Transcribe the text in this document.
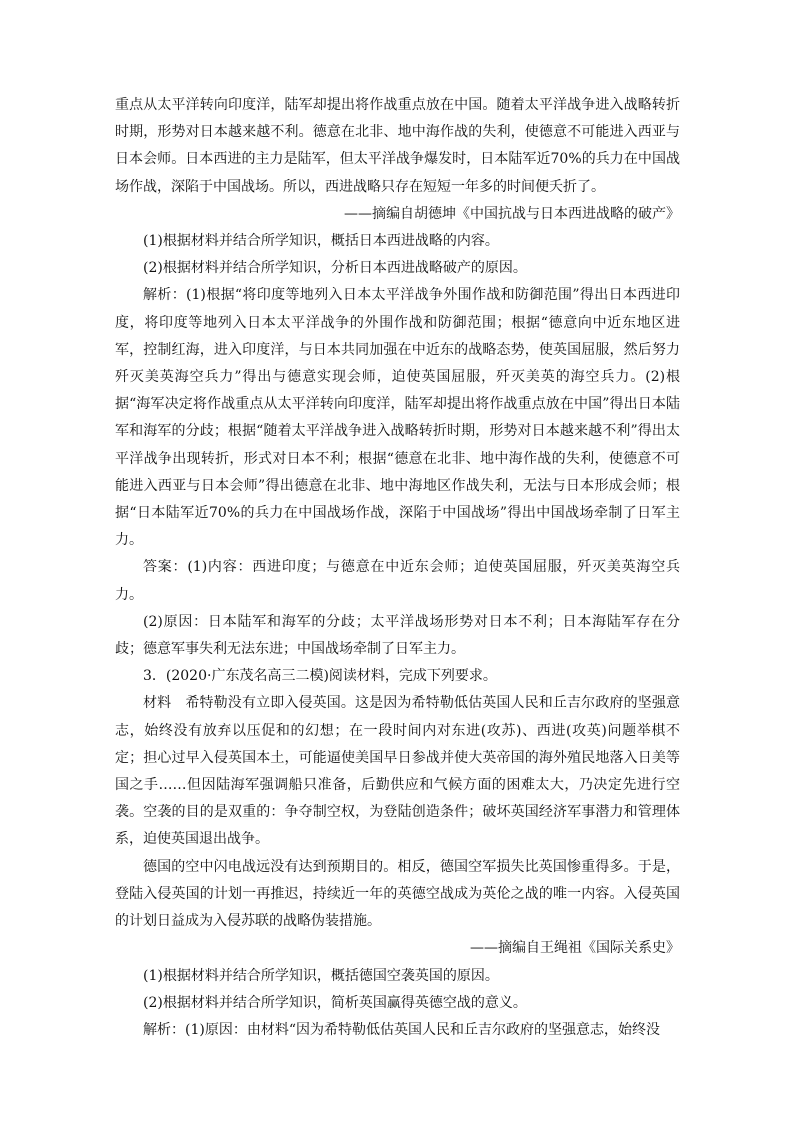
重点从太平洋转向印度洋，陆军却提出将作战重点放在中国。随着太平洋战争进入战略转折时期，形势对日本越来越不利。德意在北非、地中海作战的失利，使德意不可能进入西亚与日本会师。日本西进的主力是陆军，但太平洋战争爆发时，日本陆军近70%的兵力在中国战场作战，深陷于中国战场。所以，西进战略只存在短短一年多的时间便夭折了。

——摘编自胡德坤《中国抗战与日本西进战略的破产》

(1)根据材料并结合所学知识，概括日本西进战略的内容。

(2)根据材料并结合所学知识，分析日本西进战略破产的原因。

解析：(1)根据“将印度等地列入日本太平洋战争外围作战和防御范围”得出日本西进印度，将印度等地列入日本太平洋战争的外围作战和防御范围；根据“德意向中近东地区进军，控制红海，进入印度洋，与日本共同加强在中近东的战略态势，使英国屈服，然后努力歼灭美英海空兵力”得出与德意实现会师，迫使英国屈服，歼灭美英的海空兵力。(2)根据“海军决定将作战重点从太平洋转向印度洋，陆军却提出将作战重点放在中国”得出日本陆军和海军的分歧；根据“随着太平洋战争进入战略转折时期，形势对日本越来越不利”得出太平洋战争出现转折，形式对日本不利；根据“德意在北非、地中海作战的失利，使德意不可能进入西亚与日本会师”得出德意在北非、地中海地区作战失利，无法与日本形成会师；根据“日本陆军近70%的兵力在中国战场作战，深陷于中国战场”得出中国战场牵制了日军主力。

答案：(1)内容：西进印度；与德意在中近东会师；迫使英国屈服，歼灭美英海空兵力。

(2)原因：日本陆军和海军的分歧；太平洋战场形势对日本不利；日本海陆军存在分歧；德意军事失利无法东进；中国战场牵制了日军主力。

3．(2020·广东茂名高三二模)阅读材料，完成下列要求。

材料　希特勒没有立即入侵英国。这是因为希特勒低估英国人民和丘吉尔政府的坚强意志，始终没有放弃以压促和的幻想；在一段时间内对东进(攻苏)、西进(攻英)问题举棋不定；担心过早入侵英国本土，可能逼使美国早日参战并使大英帝国的海外殖民地落入日美等国之手……但因陆海军强调船只准备，后勤供应和气候方面的困难太大，乃决定先进行空袭。空袭的目的是双重的：争夺制空权，为登陆创造条件；破坏英国经济军事潜力和管理体系，迫使英国退出战争。

德国的空中闪电战远没有达到预期目的。相反，德国空军损失比英国惨重得多。于是，登陆入侵英国的计划一再推迟，持续近一年的英德空战成为英伦之战的唯一内容。入侵英国的计划日益成为入侵苏联的战略伪装措施。

——摘编自王绳祖《国际关系史》

(1)根据材料并结合所学知识，概括德国空袭英国的原因。

(2)根据材料并结合所学知识，简析英国赢得英德空战的意义。

解析：(1)原因：由材料“因为希特勒低估英国人民和丘吉尔政府的坚强意志，始终没
